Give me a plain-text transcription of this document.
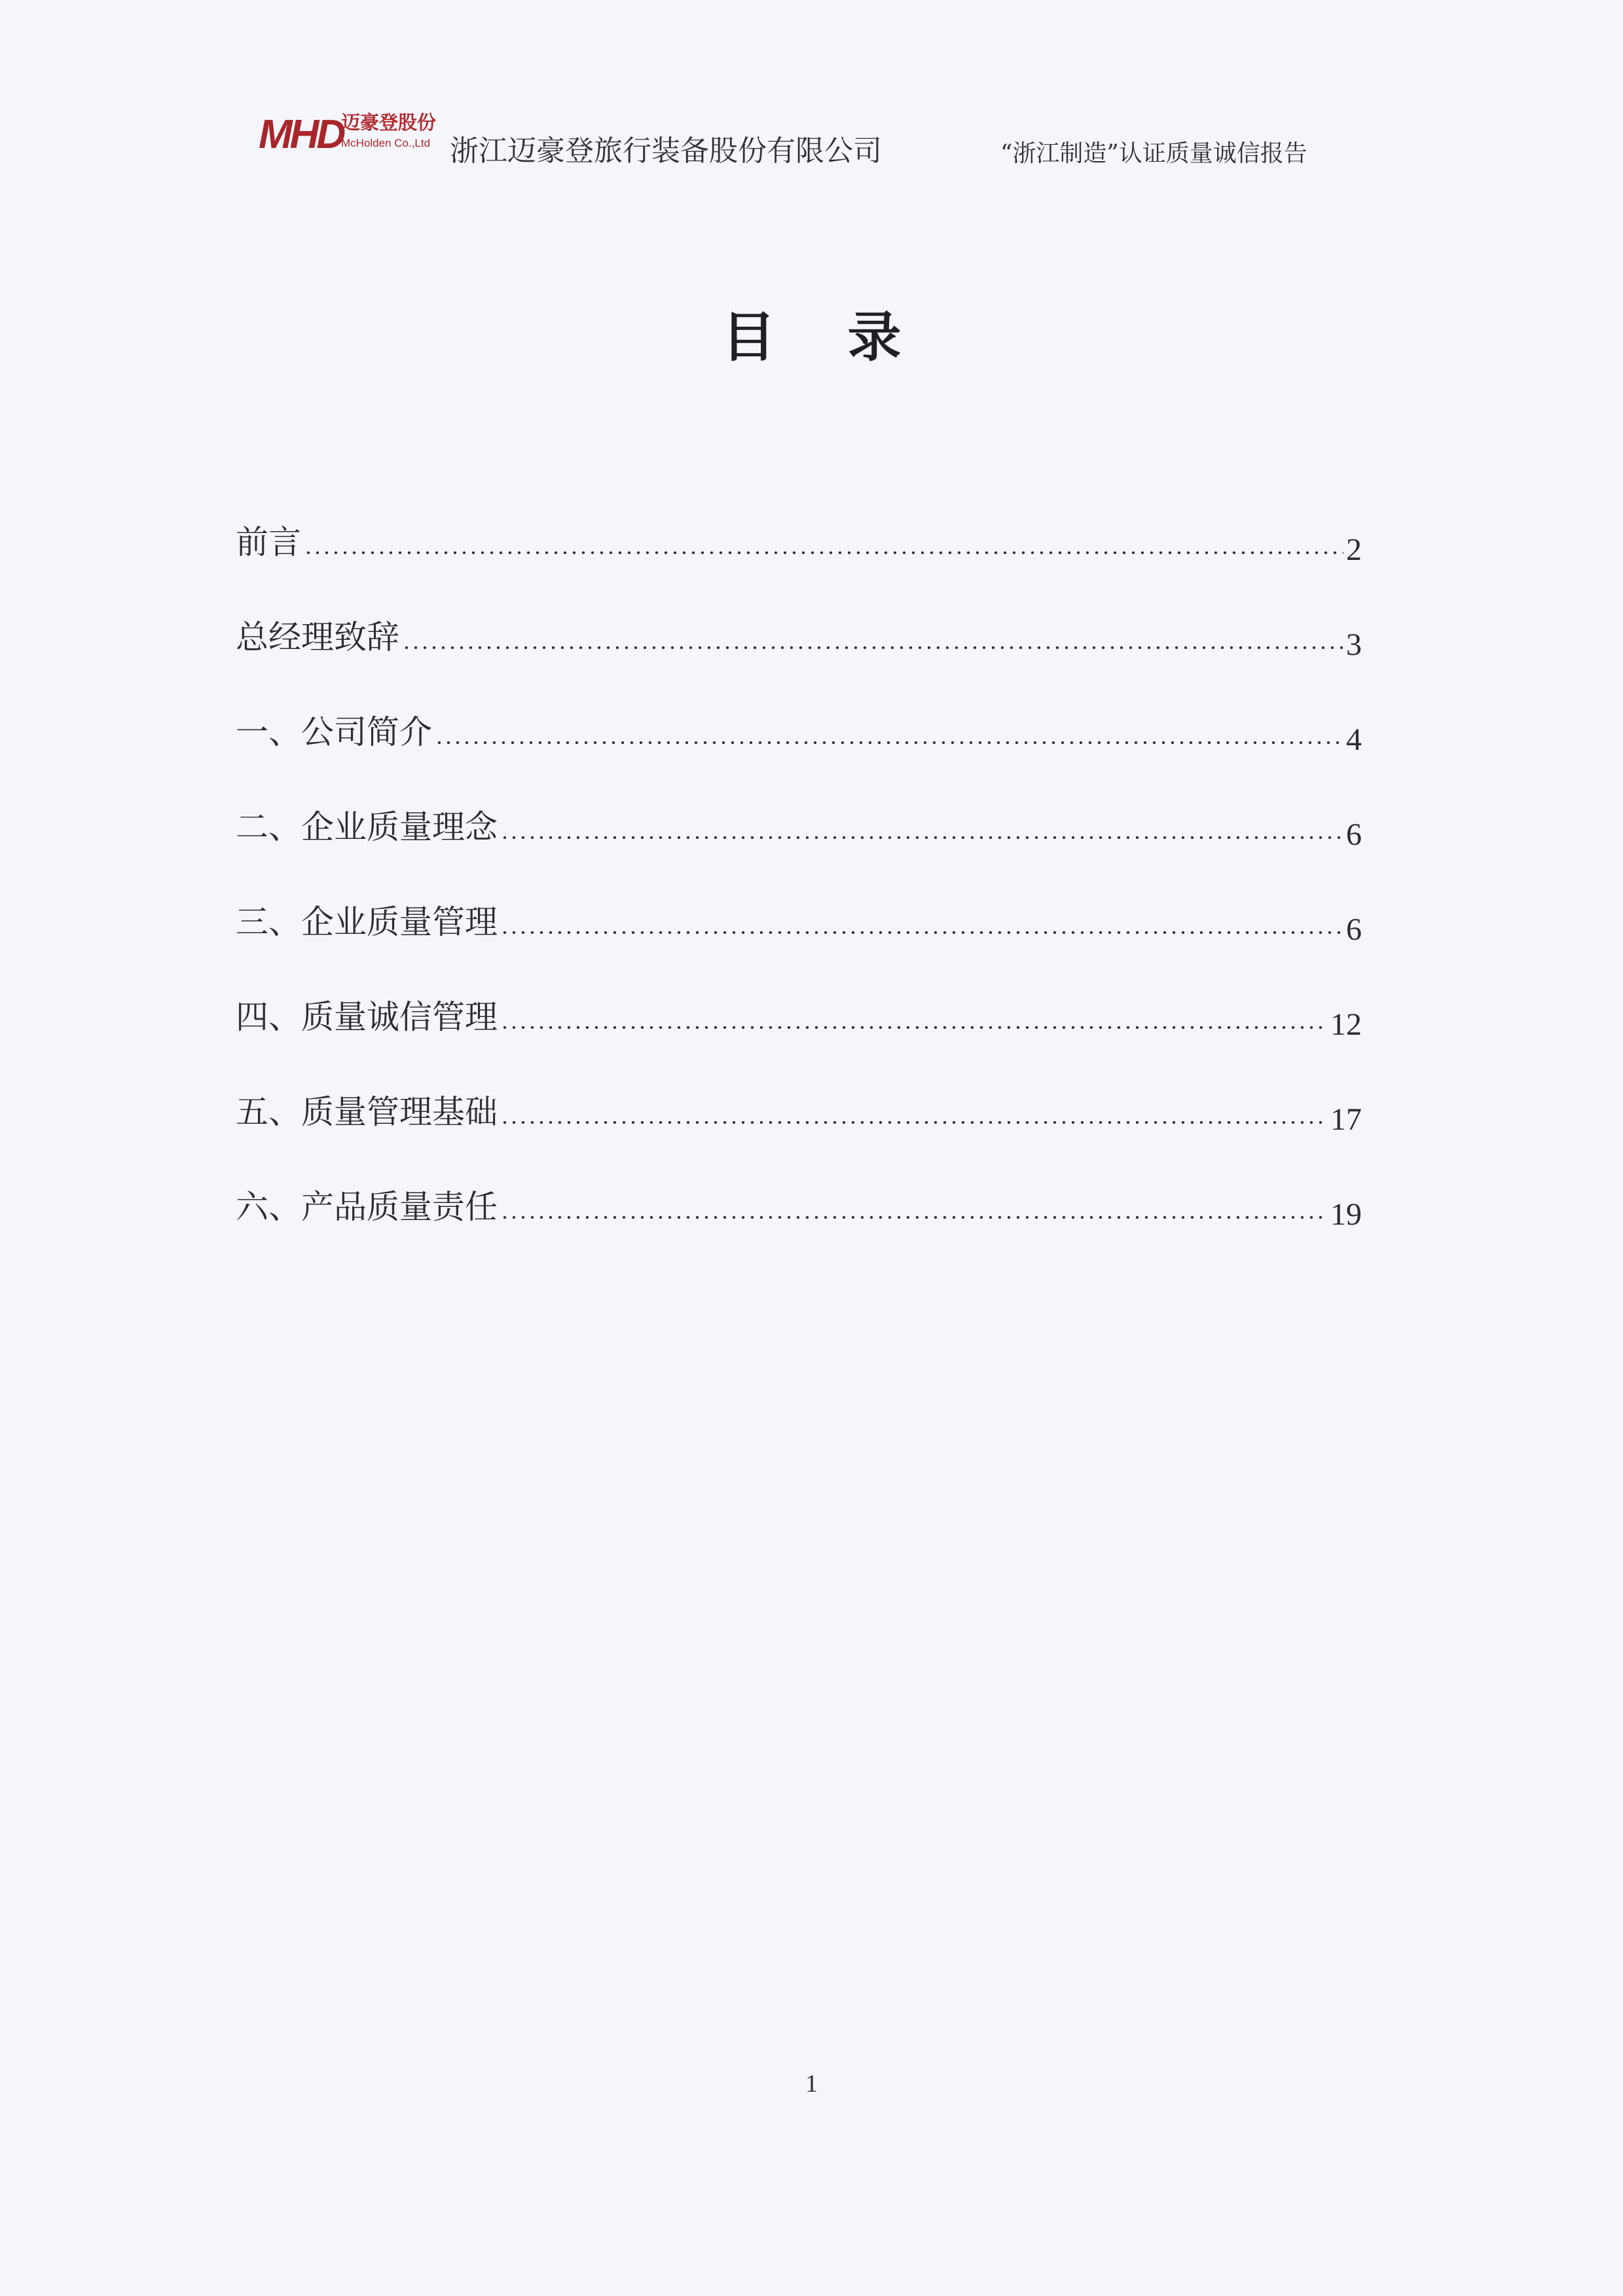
MHD
迈豪登股份
McHolden Co.,Ltd 浙江迈豪登旅行装备股份有限公司	“浙江制造”认证质量诚信报告
目录
前言	2
总经理致辞	3
一、公司简介	4
二、企业质量理念	6
三、企业质量管理	6
四、质量诚信管理	12
五、质量管理基础	17
六、产品质量责任	19
1
